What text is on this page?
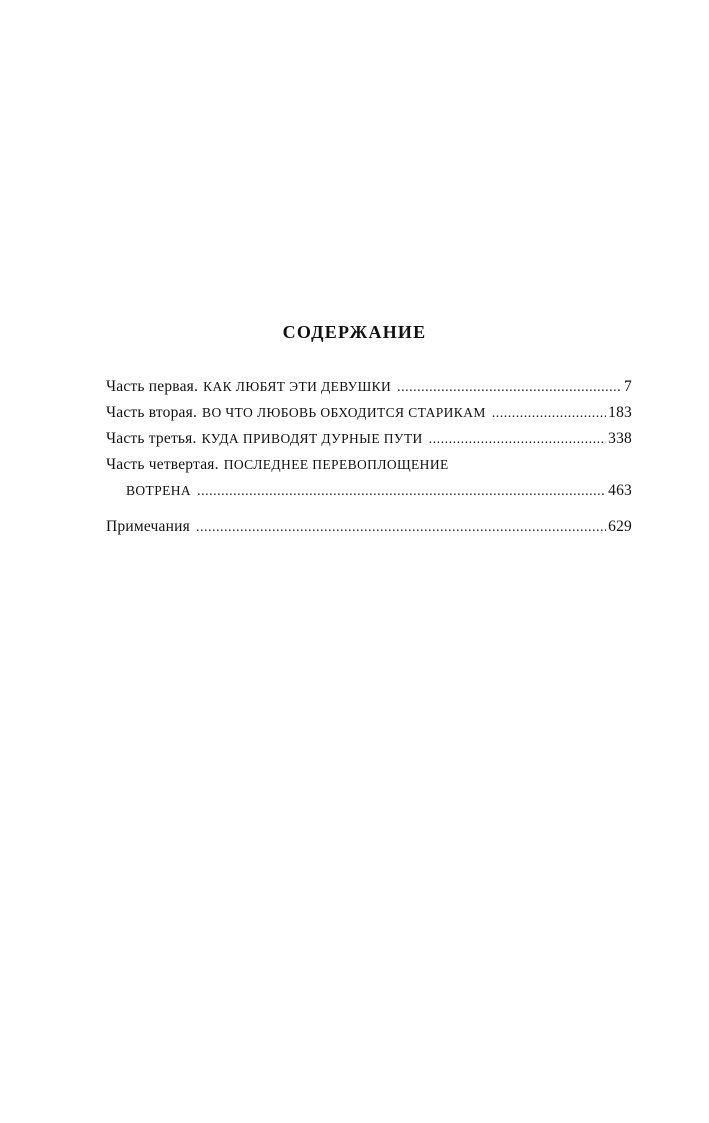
СОДЕРЖАНИЕ
Часть первая. КАК ЛЮБЯТ ЭТИ ДЕВУШКИ .....	7
Часть вторая. ВО ЧТО ЛЮБОВЬ ОБХОДИТСЯ СТАРИКАМ .....	183
Часть третья. КУДА ПРИВОДЯТ ДУРНЫЕ ПУТИ .....	338
Часть четвертая. ПОСЛЕДНЕЕ ПЕРЕВОПЛОЩЕНИЕ
ВОТРЕНА .....	463
Примечания .....	629
